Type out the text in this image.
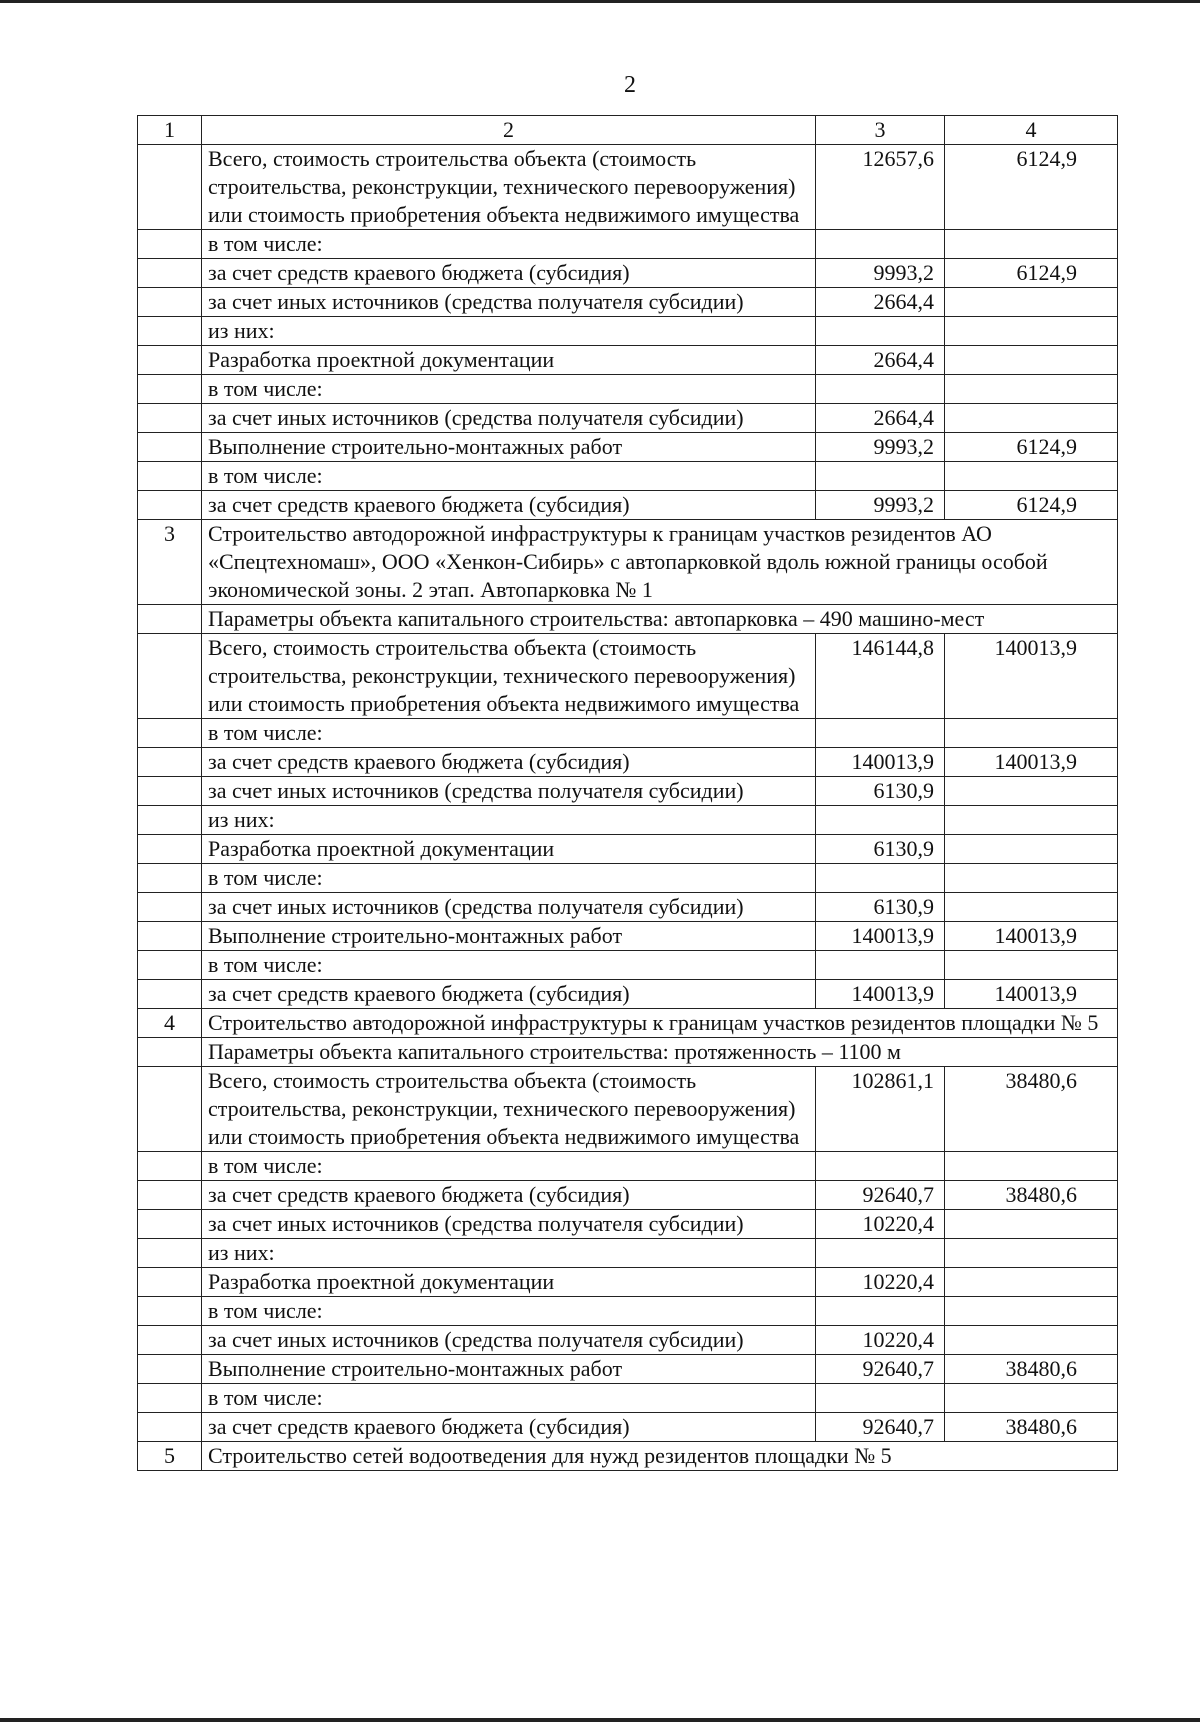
2
1	2	3	4
	Всего, стоимость строительства объекта (стоимость строительства, реконструкции, технического перевооружения) или стоимость приобретения объекта недвижимого имущества	12657,6	6124,9
	в том числе:		
	за счет средств краевого бюджета (субсидия)	9993,2	6124,9
	за счет иных источников (средства получателя субсидии)	2664,4	
	из них:		
	Разработка проектной документации	2664,4	
	в том числе:		
	за счет иных источников (средства получателя субсидии)	2664,4	
	Выполнение строительно-монтажных работ	9993,2	6124,9
	в том числе:		
	за счет средств краевого бюджета (субсидия)	9993,2	6124,9
3	Строительство автодорожной инфраструктуры к границам участков резидентов АО «Спецтехномаш», ООО «Хенкон-Сибирь» с автопарковкой вдоль южной границы особой экономической зоны. 2 этап. Автопарковка № 1		
	Параметры объекта капитального строительства: автопарковка – 490 машино-мест		
	Всего, стоимость строительства объекта (стоимость строительства, реконструкции, технического перевооружения) или стоимость приобретения объекта недвижимого имущества	146144,8	140013,9
	в том числе:		
	за счет средств краевого бюджета (субсидия)	140013,9	140013,9
	за счет иных источников (средства получателя субсидии)	6130,9	
	из них:		
	Разработка проектной документации	6130,9	
	в том числе:		
	за счет иных источников (средства получателя субсидии)	6130,9	
	Выполнение строительно-монтажных работ	140013,9	140013,9
	в том числе:		
	за счет средств краевого бюджета (субсидия)	140013,9	140013,9
4	Строительство автодорожной инфраструктуры к границам участков резидентов площадки № 5		
	Параметры объекта капитального строительства: протяженность – 1100 м		
	Всего, стоимость строительства объекта (стоимость строительства, реконструкции, технического перевооружения) или стоимость приобретения объекта недвижимого имущества	102861,1	38480,6
	в том числе:		
	за счет средств краевого бюджета (субсидия)	92640,7	38480,6
	за счет иных источников (средства получателя субсидии)	10220,4	
	из них:		
	Разработка проектной документации	10220,4	
	в том числе:		
	за счет иных источников (средства получателя субсидии)	10220,4	
	Выполнение строительно-монтажных работ	92640,7	38480,6
	в том числе:		
	за счет средств краевого бюджета (субсидия)	92640,7	38480,6
5	Строительство сетей водоотведения для нужд резидентов площадки № 5		
